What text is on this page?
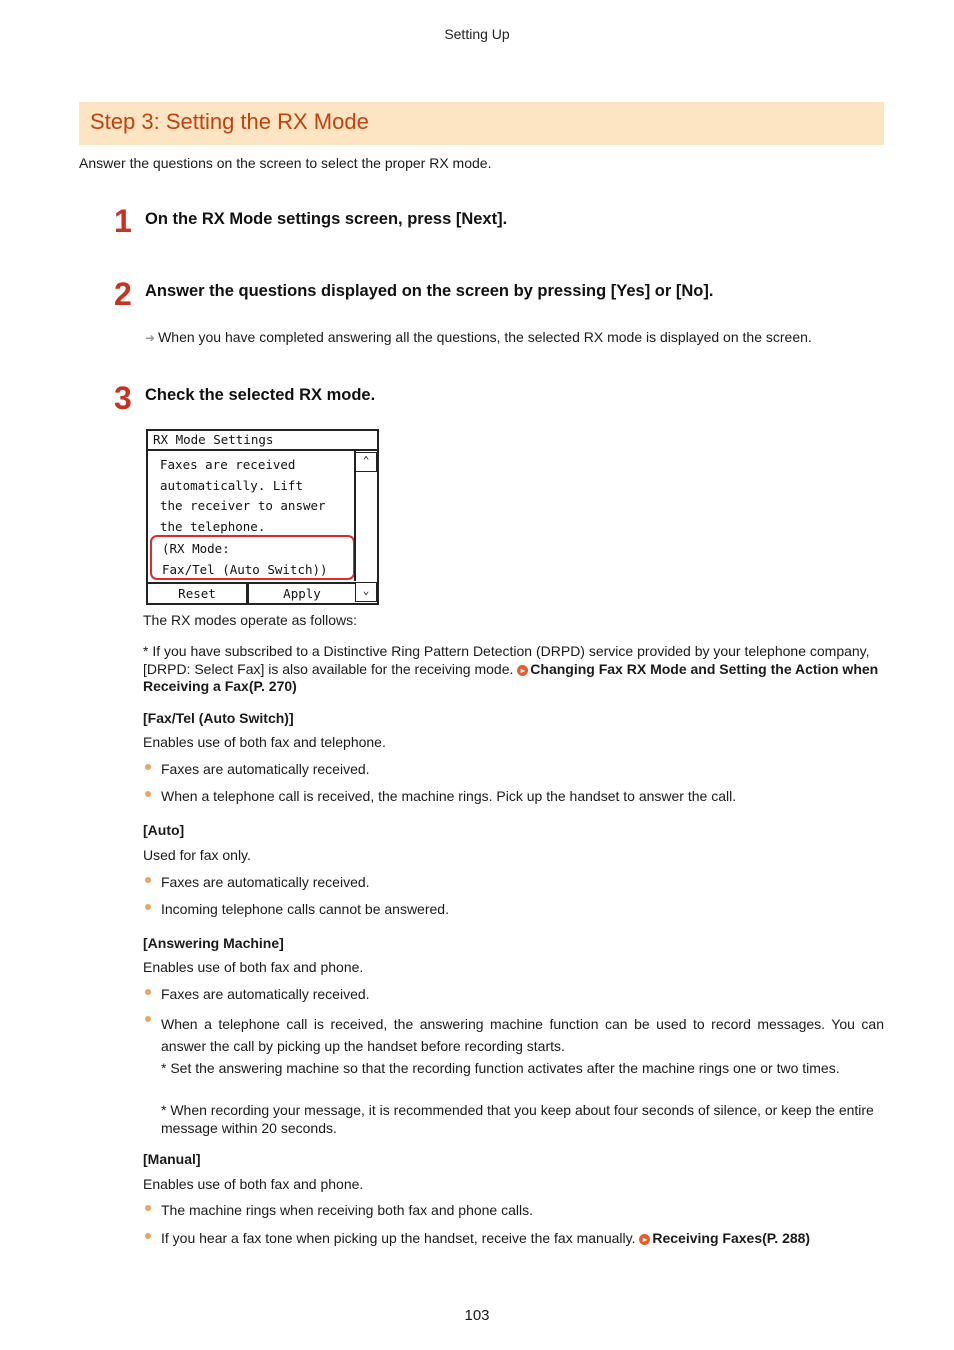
Setting Up
Step 3: Setting the RX Mode
Answer the questions on the screen to select the proper RX mode.
1 On the RX Mode settings screen, press [Next].
2 Answer the questions displayed on the screen by pressing [Yes] or [No].
➜ When you have completed answering all the questions, the selected RX mode is displayed on the screen.
3 Check the selected RX mode.
RX Mode Settings
Faxes are received
automatically. Lift
the receiver to answer
the telephone.
(RX Mode:
Fax/Tel (Auto Switch))
⌃
⌄
Reset	Apply
The RX modes operate as follows:
* If you have subscribed to a Distinctive Ring Pattern Detection (DRPD) service provided by your telephone company, [DRPD: Select Fax] is also available for the receiving mode. ▸ Changing Fax RX Mode and Setting the Action when Receiving a Fax(P. 270)
[Fax/Tel (Auto Switch)]
Enables use of both fax and telephone.
Faxes are automatically received.
When a telephone call is received, the machine rings. Pick up the handset to answer the call.
[Auto]
Used for fax only.
Faxes are automatically received.
Incoming telephone calls cannot be answered.
[Answering Machine]
Enables use of both fax and phone.
Faxes are automatically received.
When a telephone call is received, the answering machine function can be used to record messages. You can answer the call by picking up the handset before recording starts.
* Set the answering machine so that the recording function activates after the machine rings one or two times.
* When recording your message, it is recommended that you keep about four seconds of silence, or keep the entire message within 20 seconds.
[Manual]
Enables use of both fax and phone.
The machine rings when receiving both fax and phone calls.
If you hear a fax tone when picking up the handset, receive the fax manually. ▸ Receiving Faxes(P. 288)
103
